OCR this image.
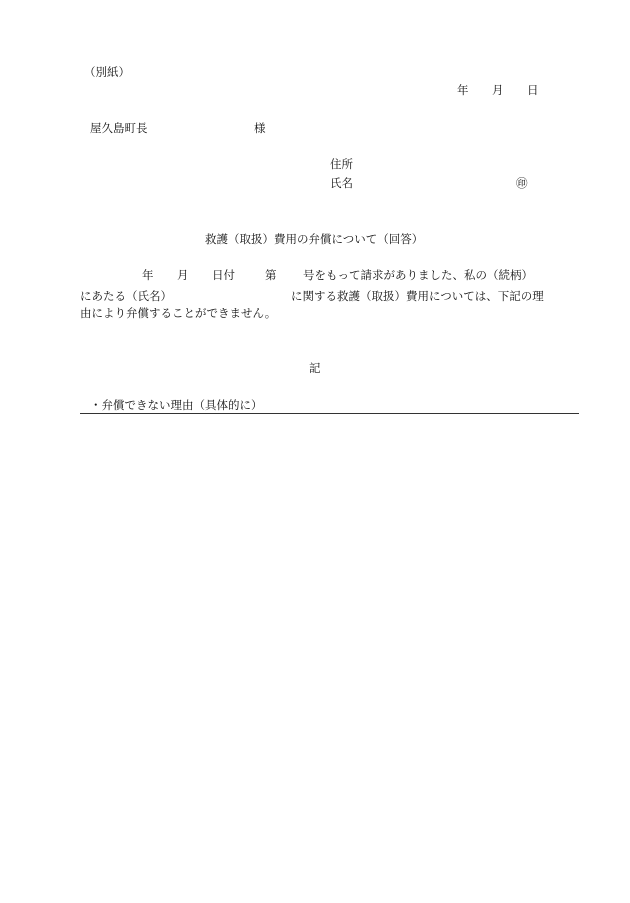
（別紙）
年 月 日
屋久島町長	様
住所
氏名	㊞
救護（取扱）費用の弁償について（回答）
年 月 日付	第 号をもって請求がありました、私の（続柄）
にあたる（氏名）	に関する救護（取扱）費用については、下記の理
由により弁償することができません。
記
・弁償できない理由（具体的に）
